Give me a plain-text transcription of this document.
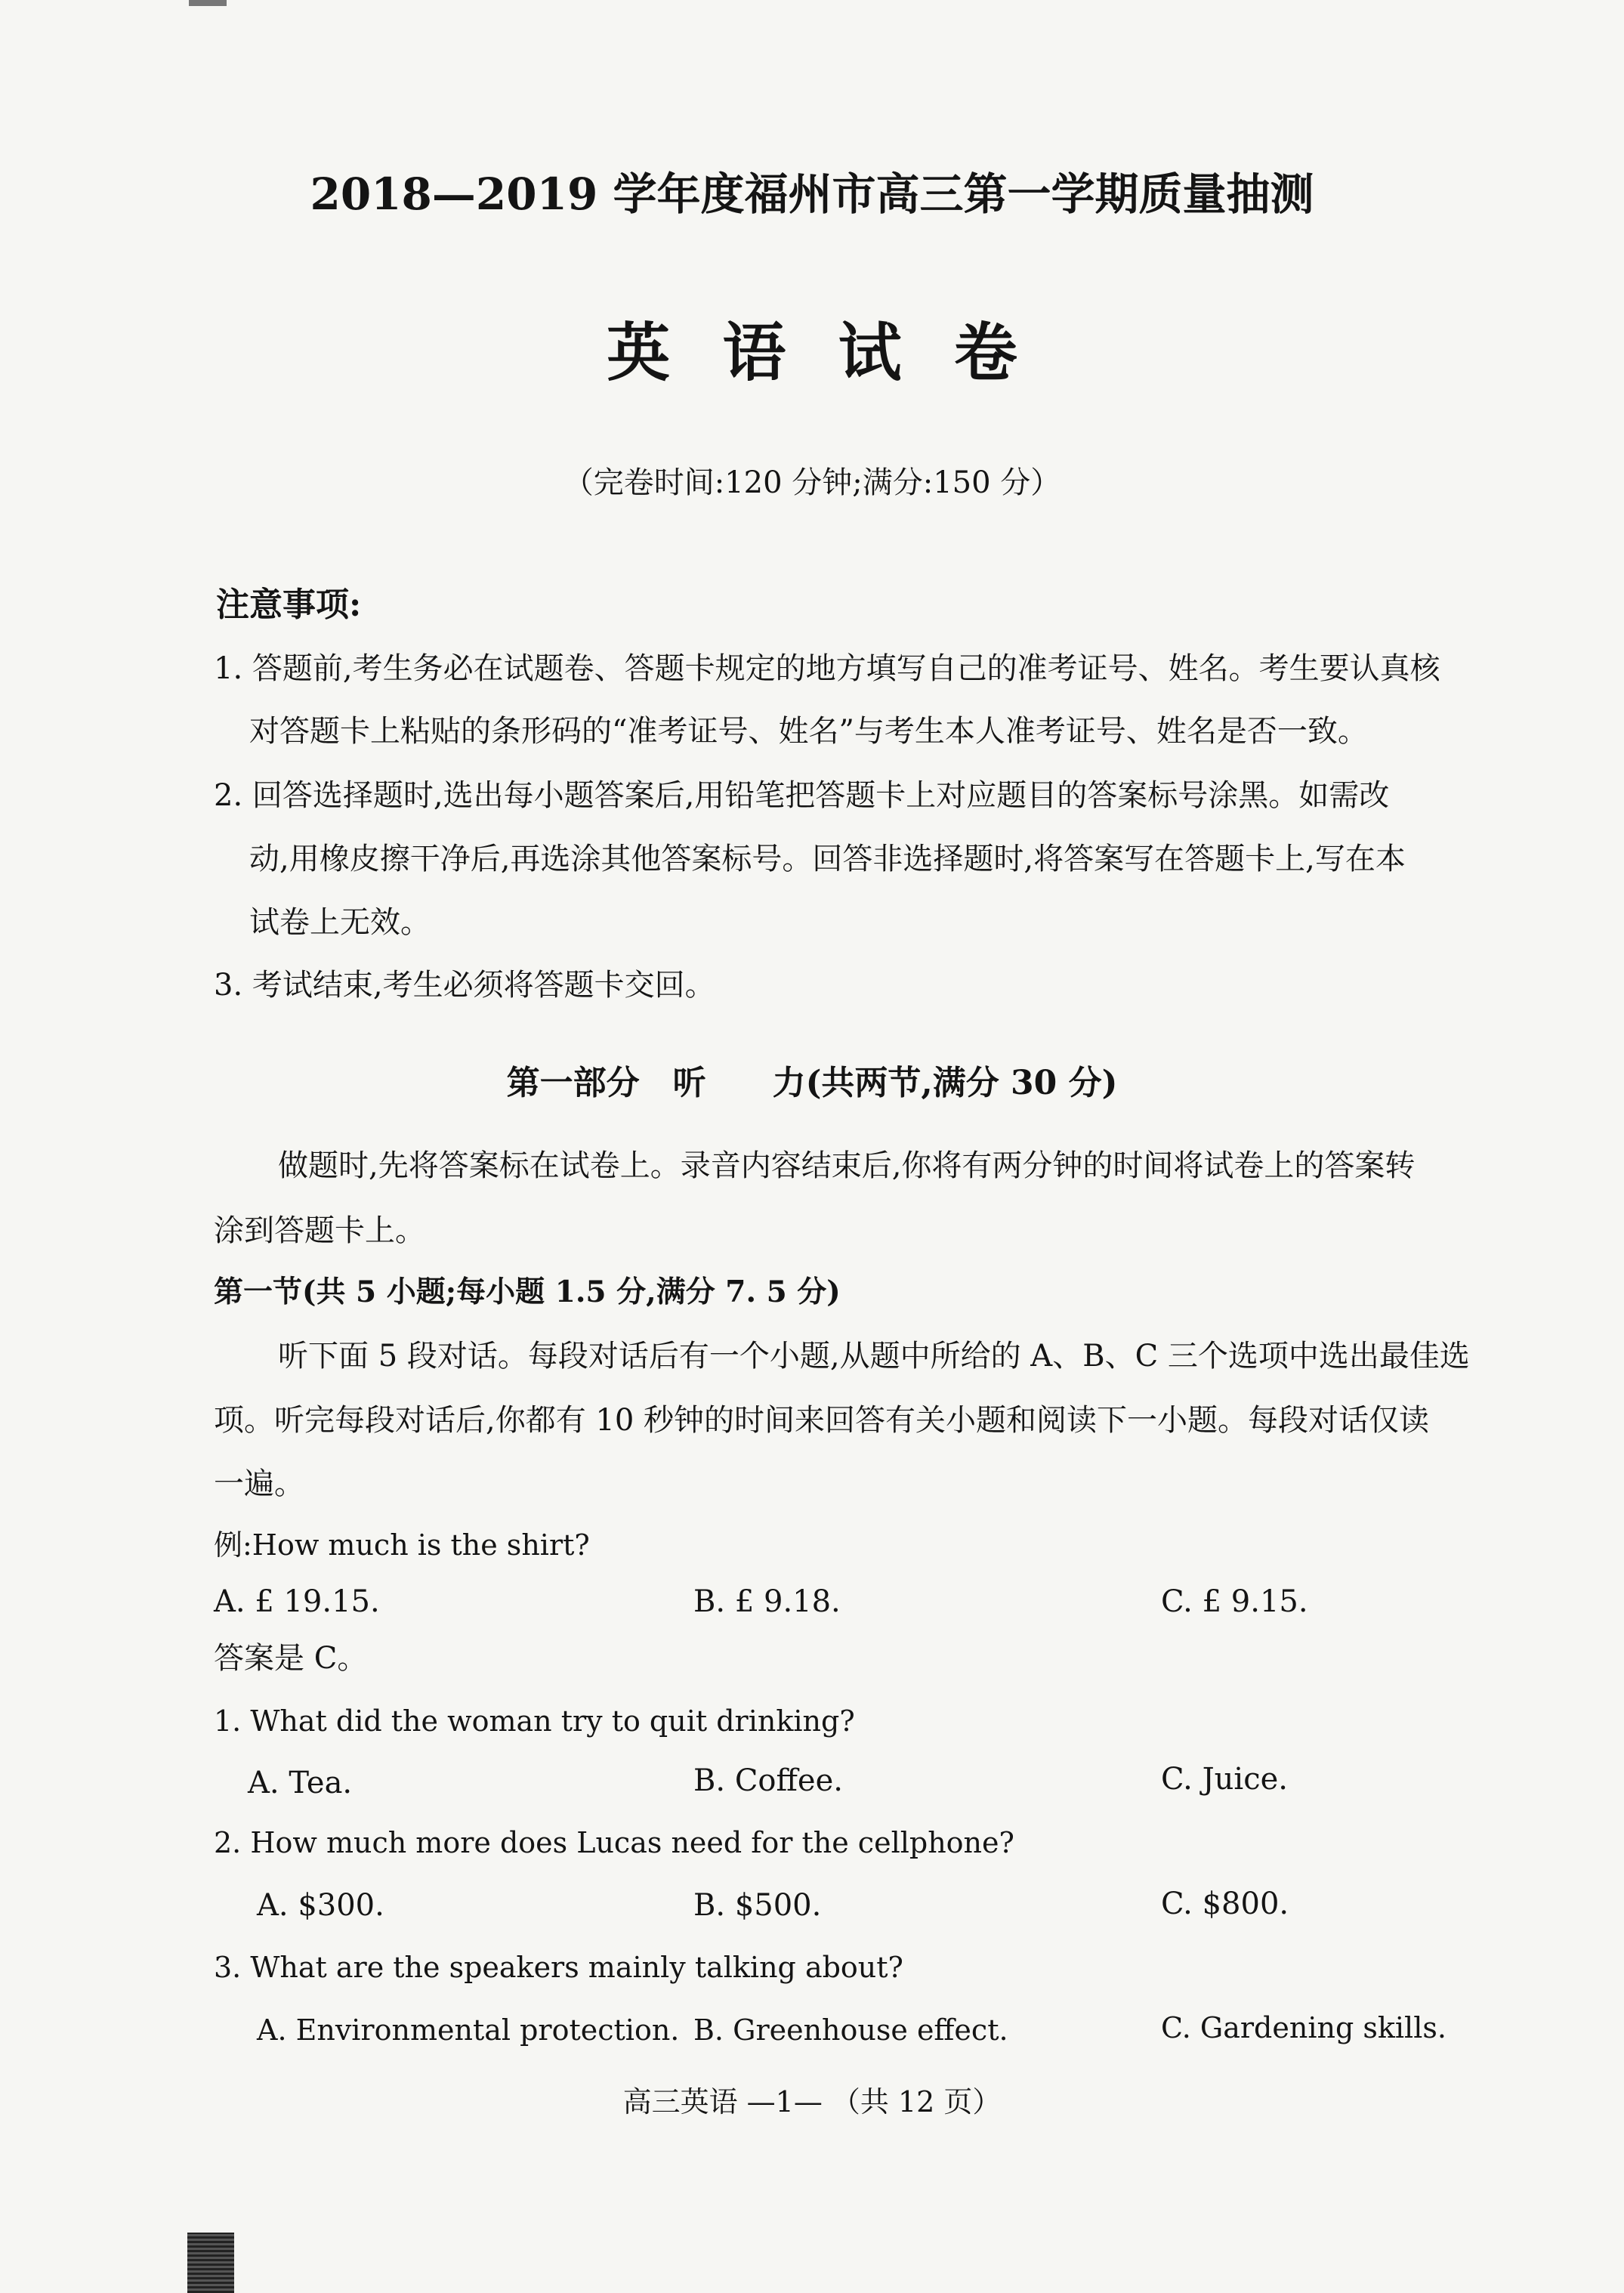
2018—2019 学年度福州市高三第一学期质量抽测
英 语 试 卷
（完卷时间:120 分钟;满分:150 分）
注意事项:
1. 答题前,考生务必在试题卷、答题卡规定的地方填写自己的准考证号、姓名。考生要认真核
对答题卡上粘贴的条形码的“准考证号、姓名”与考生本人准考证号、姓名是否一致。
2. 回答选择题时,选出每小题答案后,用铅笔把答题卡上对应题目的答案标号涂黑。如需改
动,用橡皮擦干净后,再选涂其他答案标号。回答非选择题时,将答案写在答题卡上,写在本
试卷上无效。
3. 考试结束,考生必须将答题卡交回。
第一部分　听　　力(共两节,满分 30 分)
做题时,先将答案标在试卷上。录音内容结束后,你将有两分钟的时间将试卷上的答案转
涂到答题卡上。
第一节(共 5 小题;每小题 1.5 分,满分 7. 5 分)
听下面 5 段对话。每段对话后有一个小题,从题中所给的 A、B、C 三个选项中选出最佳选
项。听完每段对话后,你都有 10 秒钟的时间来回答有关小题和阅读下一小题。每段对话仅读
一遍。
例:How much is the shirt?
A. £ 19.15.	B. £ 9.18.	C. £ 9.15.
答案是 C。
1. What did the woman try to quit drinking?
A. Tea.	B. Coffee.	C. Juice.
2. How much more does Lucas need for the cellphone?
A. $300.	B. $500.	C. $800.
3. What are the speakers mainly talking about?
A. Environmental protection. B. Greenhouse effect.	C. Gardening skills.
高三英语 —1— （共 12 页）
